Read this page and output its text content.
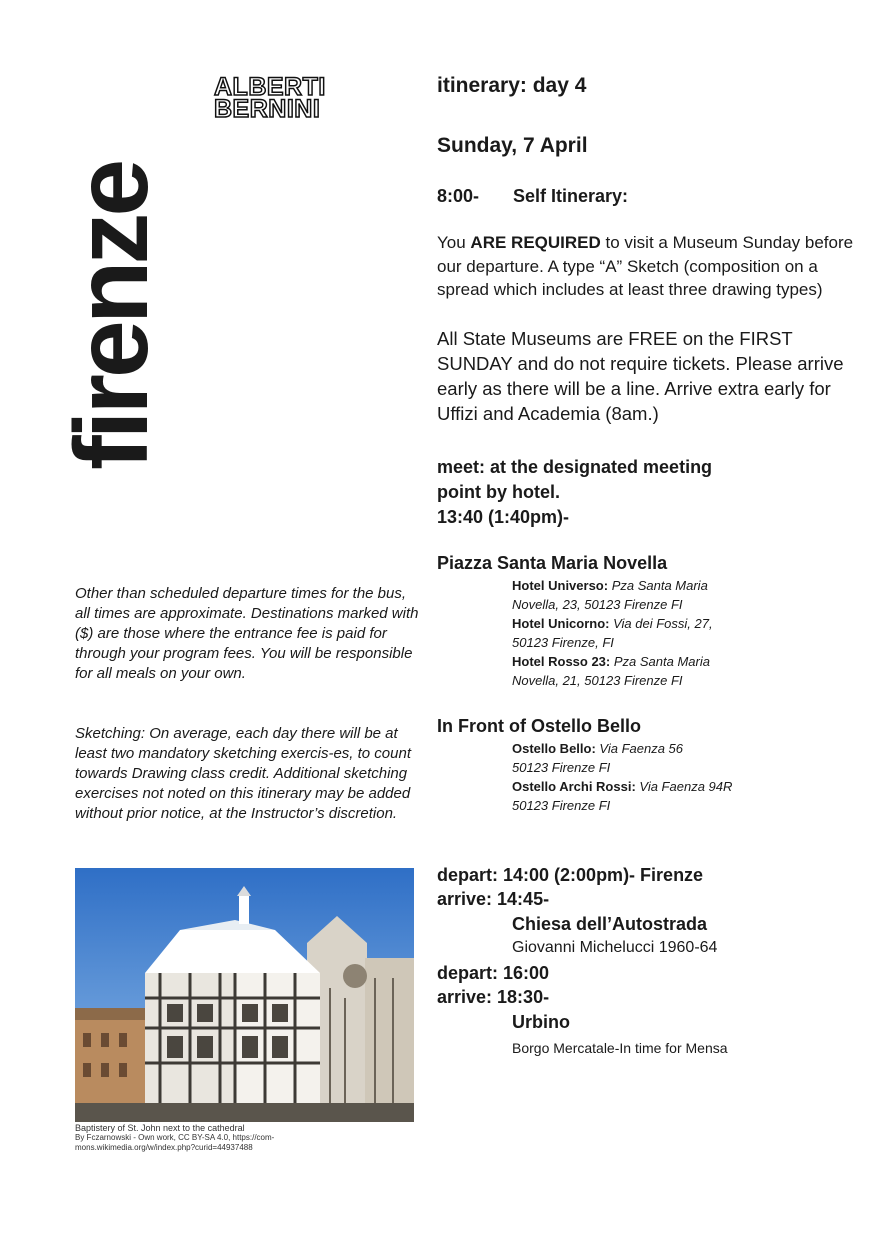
firenze
ALBERTI
BERNINI
itinerary: day 4
Sunday, 7 April
8:00-	Self Itinerary:
You ARE REQUIRED to visit a Museum Sunday before our departure. A type “A” Sketch (composition on a spread which includes at least three drawing types)
All State Museums are FREE on the FIRST SUNDAY and do not require tickets. Please arrive early as there will be a line. Arrive extra early for Uffizi and Academia (8am.)
meet: at the designated meeting
point by hotel.
13:40 (1:40pm)-
Piazza Santa Maria Novella
Hotel Universo: Pza Santa Maria
Novella, 23, 50123 Firenze FI
Hotel Unicorno: Via dei Fossi, 27,
50123 Firenze, FI
Hotel Rosso 23: Pza Santa Maria
Novella, 21, 50123 Firenze FI
In Front of Ostello Bello
Ostello Bello: Via Faenza 56
50123 Firenze FI
Ostello Archi Rossi: Via Faenza 94R
50123 Firenze FI
depart: 14:00 (2:00pm)- Firenze
arrive: 14:45-
Chiesa dell’Autostrada
Giovanni Michelucci 1960-64
depart: 16:00
arrive: 18:30-
Urbino
Borgo Mercatale-In time for Mensa
Other than scheduled departure times for the bus, all times are approximate. Destinations marked with ($) are those where the entrance fee is paid for through your program fees. You will be responsible for all meals on your own.
Sketching: On average, each day there will be at least two mandatory sketching exercis-es, to count towards Drawing class credit. Additional sketching exercises not noted on this itinerary may be added without prior notice, at the Instructor’s discretion.
Baptistery of St. John next to the cathedral
By Fczarnowski - Own work, CC BY-SA 4.0, https://com-
mons.wikimedia.org/w/index.php?curid=44937488
